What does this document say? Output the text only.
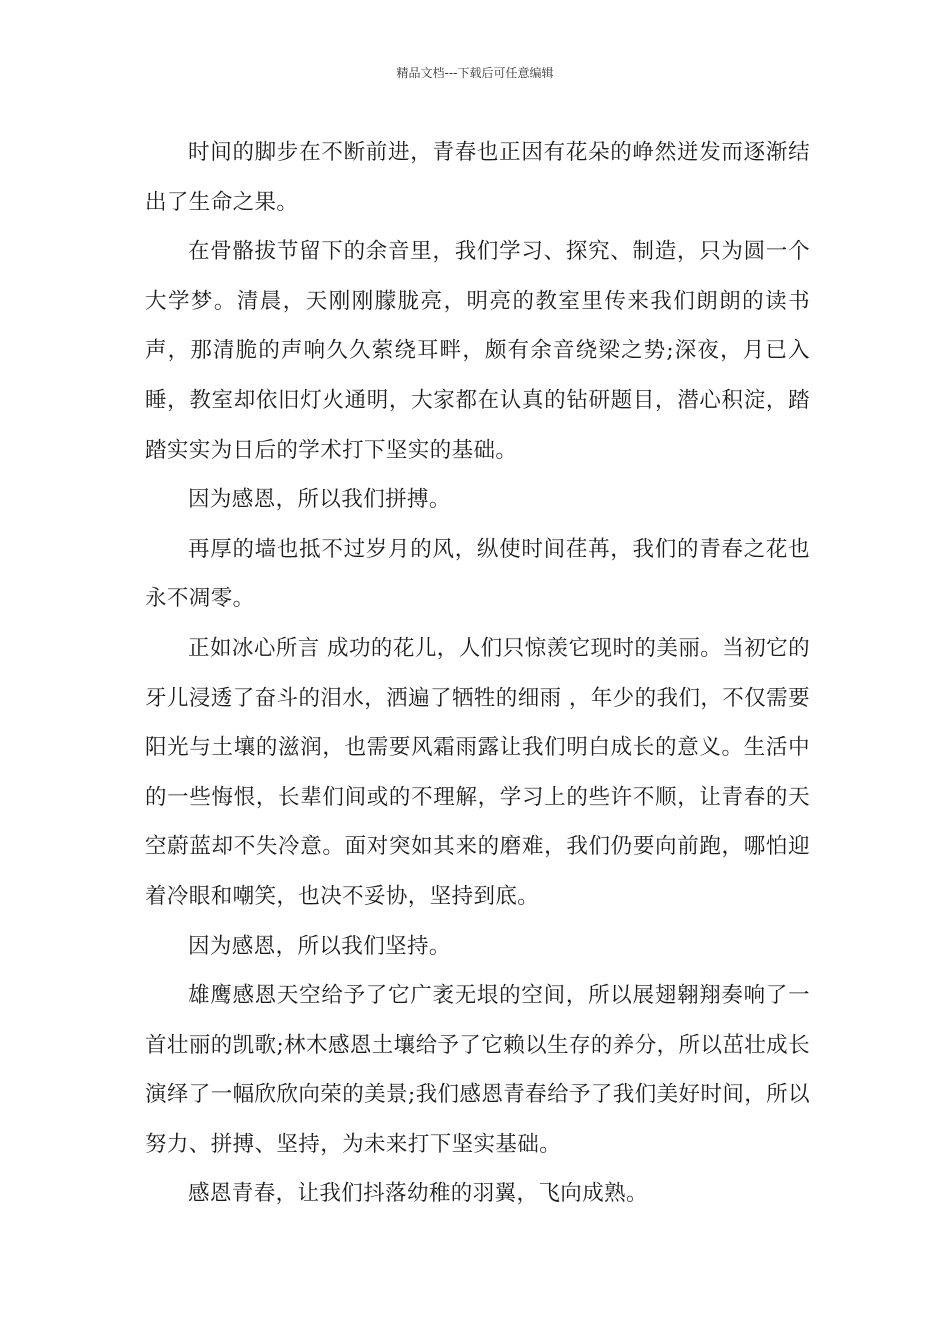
精品文档---下载后可任意编辑

时间的脚步在不断前进，青春也正因有花朵的峥然迸发而逐渐结出了生命之果。

在骨骼拔节留下的余音里，我们学习、探究、制造，只为圆一个大学梦。清晨，天刚刚朦胧亮，明亮的教室里传来我们朗朗的读书声，那清脆的声响久久萦绕耳畔，颇有余音绕梁之势;深夜，月已入睡，教室却依旧灯火通明，大家都在认真的钻研题目，潜心积淀，踏踏实实为日后的学术打下坚实的基础。

因为感恩，所以我们拼搏。

再厚的墙也抵不过岁月的风，纵使时间荏苒，我们的青春之花也永不凋零。

正如冰心所言 成功的花儿，人们只惊羡它现时的美丽。当初它的牙儿浸透了奋斗的泪水，洒遍了牺牲的细雨 ，年少的我们，不仅需要阳光与土壤的滋润，也需要风霜雨露让我们明白成长的意义。生活中的一些悔恨，长辈们间或的不理解，学习上的些许不顺，让青春的天空蔚蓝却不失冷意。面对突如其来的磨难，我们仍要向前跑，哪怕迎着冷眼和嘲笑，也决不妥协，坚持到底。

因为感恩，所以我们坚持。

雄鹰感恩天空给予了它广袤无垠的空间，所以展翅翱翔奏响了一首壮丽的凯歌;林木感恩土壤给予了它赖以生存的养分，所以茁壮成长演绎了一幅欣欣向荣的美景;我们感恩青春给予了我们美好时间，所以努力、拼搏、坚持，为未来打下坚实基础。

感恩青春，让我们抖落幼稚的羽翼，飞向成熟。
